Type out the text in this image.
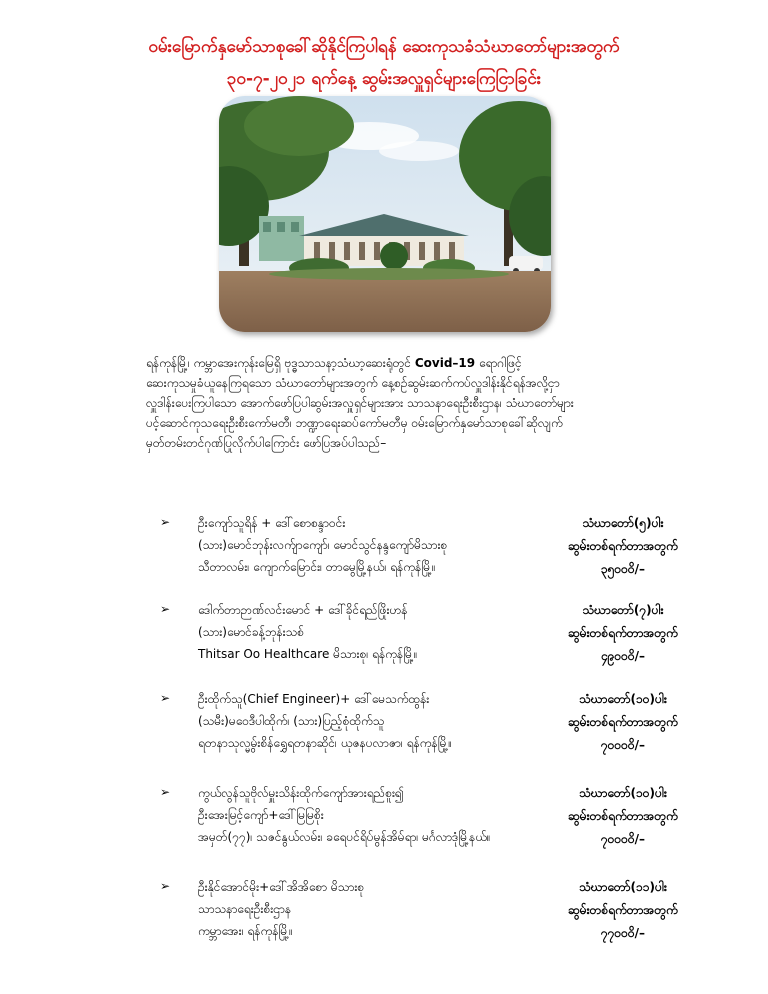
ဝမ်းမြောက်နှမော်သာစုခေါ်ဆိုနိုင်ကြပါရန် ဆေးကုသခံသံဃာတော်များအတွက်
၃၀-၇-၂၀၂၁ ရက်နေ့ ဆွမ်းအလှူရှင်များကြေငြာခြင်း
ရန်ကုန်မြို့၊ ကမ္ဘာအေးကုန်းမြေရှိ ဗုဒ္ဓသာသနာ့သံဃာ့ဆေးရုံတွင် Covid–19 ရောဂါဖြင့်
ဆေးကုသမှုခံယူနေကြရသော သံဃာတော်များအတွက် နေ့စဉ်ဆွမ်းဆက်ကပ်လှူဒါန်းနိုင်ရန်အလို့ငှာ
လှူဒါန်းပေးကြပါသော အောက်ဖော်ပြပါဆွမ်းအလှူရှင်များအား သာသနာရေးဦးစီးဌာန၊ သံဃာတော်များ
ပင့်ဆောင်ကုသရေးဦးစီးကော်မတီ၊ ဘဏ္ဍာရေးဆပ်ကော်မတီမှ ဝမ်းမြောက်နှမော်သာစုခေါ်ဆိုလျက်
မှတ်တမ်းတင်ဂုဏ်ပြုလိုက်ပါကြောင်း ဖော်ပြအပ်ပါသည်–
➢ ဦးကျော်သူရိန် + ဒေါ်စောစန္ဒာဝင်း
(သား)မောင်ဘုန်းလက်ျာကျော်၊ မောင်သွင်နန္ဒကျော်မိသားစု
သီတာလမ်း၊ ကျောက်မြောင်း၊ တာမွေမြို့နယ်၊ ရန်ကုန်မြို့။
သံဃာတော်(၅)ပါး
ဆွမ်းတစ်ရက်တာအတွက်
၃၅၀၀၀ိ/–
➢ ဒေါက်တာဉာဏ်လင်းမောင် + ဒေါ်ခိုင်ရည်ဖြိုးဟန်
(သား)မောင်ခန့်ဘုန်းသစ်
Thitsar Oo Healthcare မိသားစု၊ ရန်ကုန်မြို့။
သံဃာတော်(၇)ပါး
ဆွမ်းတစ်ရက်တာအတွက်
၄၉၀၀၀ိ/–
➢ ဦးထိုက်သူ(Chief Engineer)+ ဒေါ်မေသက်ထွန်း
(သမီး)မဝေဒီပါထိုက်၊ (သား)ပြည့်စုံထိုက်သူ
ရတနာသုလ္မွမ်းစိန်ရွှေရတနာဆိုင်၊ ယုဇနပလာဇာ၊ ရန်ကုန်မြို့။
သံဃာတော်(၁၀)ပါး
ဆွမ်းတစ်ရက်တာအတွက်
၇၀၀၀၀ိ/–
➢ ကွယ်လွန်သူဗိုလ်မှူးသိန်းထိုက်ကျော်အားရည်စူး၍
ဦးအေးမြင့်ကျော်+ဒေါ်မြမြစိုး
အမှတ်(၇၇)၊ သဇင်နွယ်လမ်း၊ ခရေပင်ရိပ်မွန်အိမ်ရာ၊ မင်္ဂလာဒုံမြို့နယ်။
သံဃာတော်(၁၀)ပါး
ဆွမ်းတစ်ရက်တာအတွက်
၇၀၀၀၀ိ/–
➢ ဦးနိုင်အောင်မိုး+ဒေါ်အိအိစော မိသားစု
သာသနာရေးဦးစီးဌာန
ကမ္ဘာအေး၊ ရန်ကုန်မြို့။
သံဃာတော်(၁၁)ပါး
ဆွမ်းတစ်ရက်တာအတွက်
၇၇၀၀၀ိ/–
